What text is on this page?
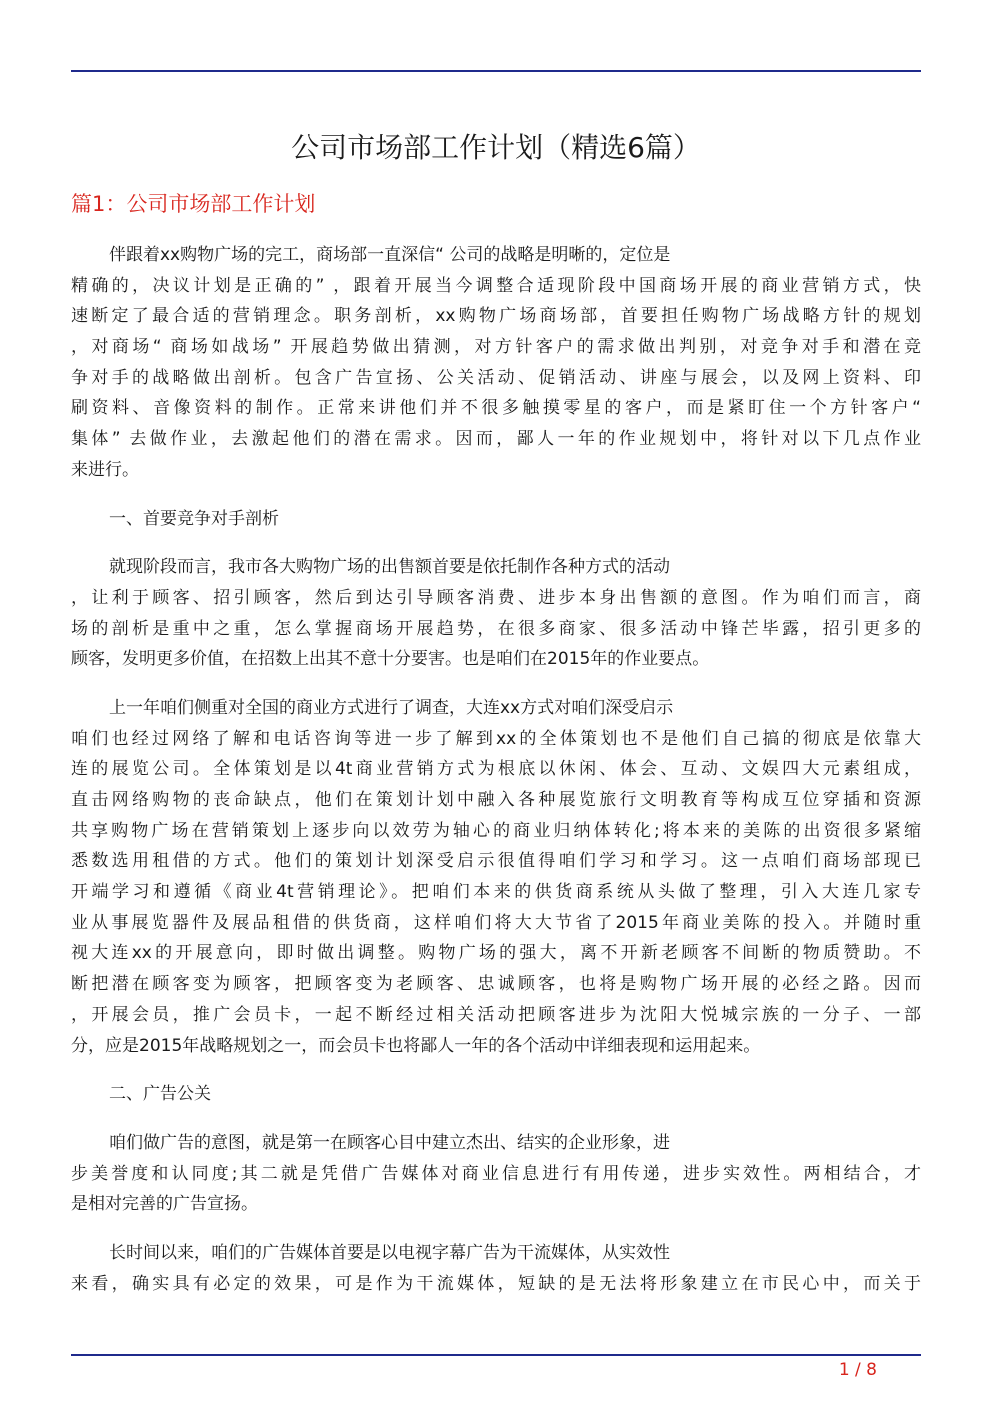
公司市场部工作计划（精选6篇）
篇1：公司市场部工作计划
伴跟着xx购物广场的完工，商场部一直深信“ 公司的战略是明晰的，定位是
精确的，决议计划是正确的” ，跟着开展当今调整合适现阶段中国商场开展的商业营销方式，快
速断定了最合适的营销理念。职务剖析，xx购物广场商场部，首要担任购物广场战略方针的规划
，对商场“ 商场如战场” 开展趋势做出猜测，对方针客户的需求做出判别，对竞争对手和潜在竞
争对手的战略做出剖析。包含广告宣扬、公关活动、促销活动、讲座与展会，以及网上资料、印
刷资料、音像资料的制作。正常来讲他们并不很多触摸零星的客户，而是紧盯住一个方针客户“
集体” 去做作业，去激起他们的潜在需求。因而，鄙人一年的作业规划中，将针对以下几点作业
来进行。
一、首要竞争对手剖析
就现阶段而言，我市各大购物广场的出售额首要是依托制作各种方式的活动
，让利于顾客、招引顾客，然后到达引导顾客消费、进步本身出售额的意图。作为咱们而言，商
场的剖析是重中之重，怎么掌握商场开展趋势，在很多商家、很多活动中锋芒毕露，招引更多的
顾客，发明更多价值，在招数上出其不意十分要害。也是咱们在2015年的作业要点。
上一年咱们侧重对全国的商业方式进行了调查，大连xx方式对咱们深受启示
咱们也经过网络了解和电话咨询等进一步了解到xx的全体策划也不是他们自己搞的彻底是依靠大
连的展览公司。全体策划是以4t商业营销方式为根底以休闲、体会、互动、文娱四大元素组成，
直击网络购物的丧命缺点，他们在策划计划中融入各种展览旅行文明教育等构成互位穿插和资源
共享购物广场在营销策划上逐步向以效劳为轴心的商业归纳体转化;将本来的美陈的出资很多紧缩
悉数选用租借的方式。他们的策划计划深受启示很值得咱们学习和学习。这一点咱们商场部现已
开端学习和遵循《商业4t营销理论》。把咱们本来的供货商系统从头做了整理，引入大连几家专
业从事展览器件及展品租借的供货商，这样咱们将大大节省了2015年商业美陈的投入。并随时重
视大连xx的开展意向，即时做出调整。购物广场的强大，离不开新老顾客不间断的物质赞助。不
断把潜在顾客变为顾客，把顾客变为老顾客、忠诚顾客，也将是购物广场开展的必经之路。因而
，开展会员，推广会员卡，一起不断经过相关活动把顾客进步为沈阳大悦城宗族的一分子、一部
分，应是2015年战略规划之一，而会员卡也将鄙人一年的各个活动中详细表现和运用起来。
二、广告公关
咱们做广告的意图，就是第一在顾客心目中建立杰出、结实的企业形象，进
步美誉度和认同度;其二就是凭借广告媒体对商业信息进行有用传递，进步实效性。两相结合，才
是相对完善的广告宣扬。
长时间以来，咱们的广告媒体首要是以电视字幕广告为干流媒体，从实效性
来看，确实具有必定的效果，可是作为干流媒体，短缺的是无法将形象建立在市民心中，而关于
1 / 8
